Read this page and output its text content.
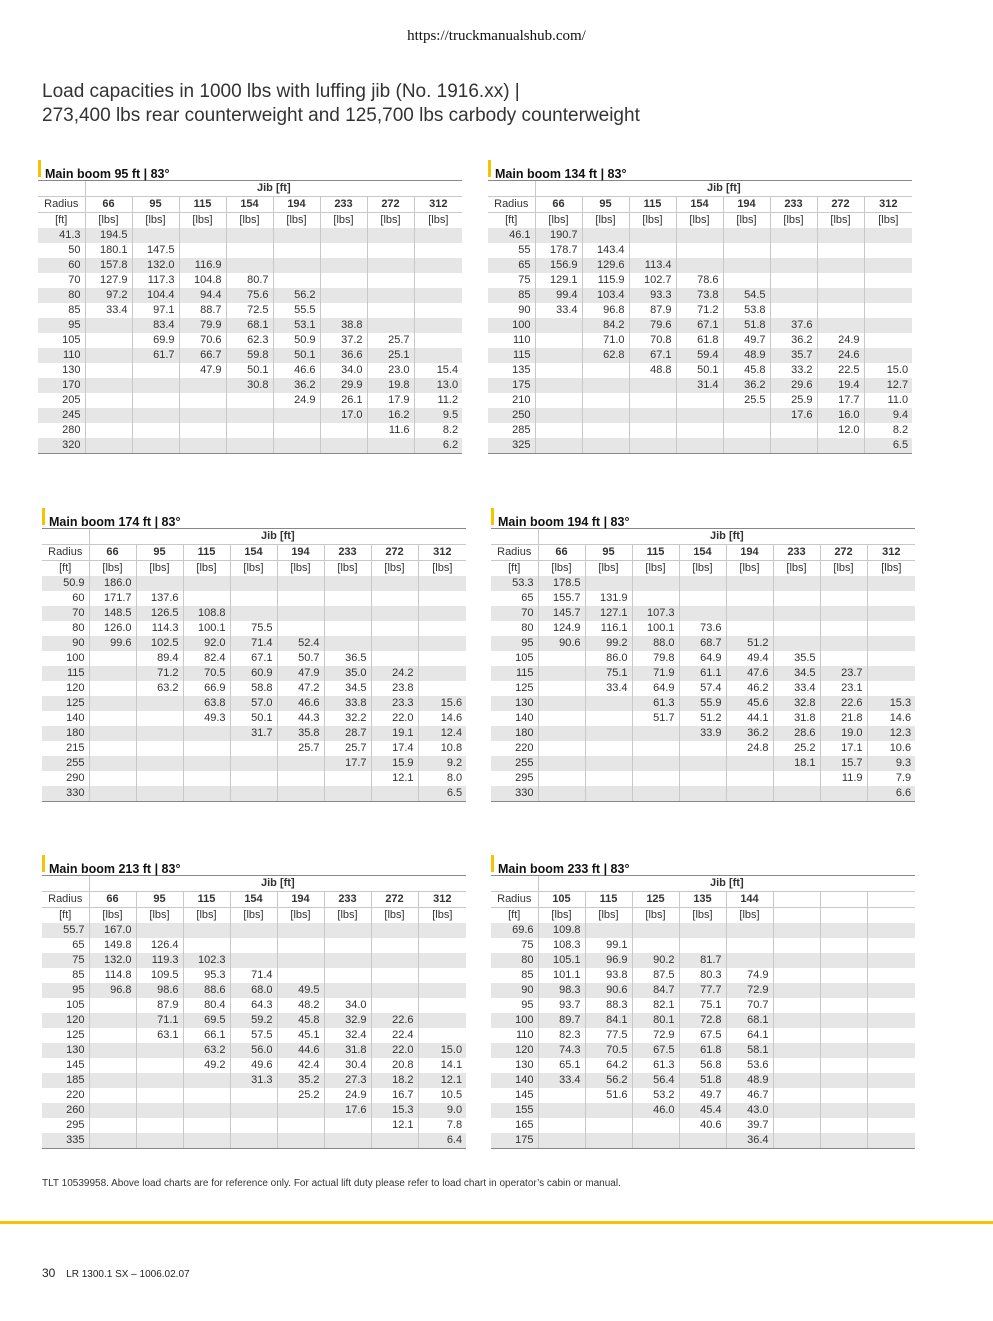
https://truckmanualshub.com/
Load capacities in 1000 lbs with luffing jib (No. 1916.xx) |
273,400 lbs rear counterweight and 125,700 lbs carbody counterweight
Main boom 95 ft | 83°
	Jib [ft]							
Radius	66	95	115	154	194	233	272	312
[ft]	[lbs]	[lbs]	[lbs]	[lbs]	[lbs]	[lbs]	[lbs]	[lbs]
41.3	194.5							
50	180.1	147.5						
60	157.8	132.0	116.9					
70	127.9	117.3	104.8	80.7				
80	97.2	104.4	94.4	75.6	56.2			
85	33.4	97.1	88.7	72.5	55.5			
95		83.4	79.9	68.1	53.1	38.8		
105		69.9	70.6	62.3	50.9	37.2	25.7	
110		61.7	66.7	59.8	50.1	36.6	25.1	
130			47.9	50.1	46.6	34.0	23.0	15.4
170				30.8	36.2	29.9	19.8	13.0
205					24.9	26.1	17.9	11.2
245						17.0	16.2	9.5
280							11.6	8.2
320								6.2
Main boom 134 ft | 83°
	Jib [ft]							
Radius	66	95	115	154	194	233	272	312
[ft]	[lbs]	[lbs]	[lbs]	[lbs]	[lbs]	[lbs]	[lbs]	[lbs]
46.1	190.7							
55	178.7	143.4						
65	156.9	129.6	113.4					
75	129.1	115.9	102.7	78.6				
85	99.4	103.4	93.3	73.8	54.5			
90	33.4	96.8	87.9	71.2	53.8			
100		84.2	79.6	67.1	51.8	37.6		
110		71.0	70.8	61.8	49.7	36.2	24.9	
115		62.8	67.1	59.4	48.9	35.7	24.6	
135			48.8	50.1	45.8	33.2	22.5	15.0
175				31.4	36.2	29.6	19.4	12.7
210					25.5	25.9	17.7	11.0
250						17.6	16.0	9.4
285							12.0	8.2
325								6.5
Main boom 174 ft | 83°
	Jib [ft]							
Radius	66	95	115	154	194	233	272	312
[ft]	[lbs]	[lbs]	[lbs]	[lbs]	[lbs]	[lbs]	[lbs]	[lbs]
50.9	186.0							
60	171.7	137.6						
70	148.5	126.5	108.8					
80	126.0	114.3	100.1	75.5				
90	99.6	102.5	92.0	71.4	52.4			
100		89.4	82.4	67.1	50.7	36.5		
115		71.2	70.5	60.9	47.9	35.0	24.2	
120		63.2	66.9	58.8	47.2	34.5	23.8	
125			63.8	57.0	46.6	33.8	23.3	15.6
140			49.3	50.1	44.3	32.2	22.0	14.6
180				31.7	35.8	28.7	19.1	12.4
215					25.7	25.7	17.4	10.8
255						17.7	15.9	9.2
290							12.1	8.0
330								6.5
Main boom 194 ft | 83°
	Jib [ft]							
Radius	66	95	115	154	194	233	272	312
[ft]	[lbs]	[lbs]	[lbs]	[lbs]	[lbs]	[lbs]	[lbs]	[lbs]
53.3	178.5							
65	155.7	131.9						
70	145.7	127.1	107.3					
80	124.9	116.1	100.1	73.6				
95	90.6	99.2	88.0	68.7	51.2			
105		86.0	79.8	64.9	49.4	35.5		
115		75.1	71.9	61.1	47.6	34.5	23.7	
125		33.4	64.9	57.4	46.2	33.4	23.1	
130			61.3	55.9	45.6	32.8	22.6	15.3
140			51.7	51.2	44.1	31.8	21.8	14.6
180				33.9	36.2	28.6	19.0	12.3
220					24.8	25.2	17.1	10.6
255						18.1	15.7	9.3
295							11.9	7.9
330								6.6
Main boom 213 ft | 83°
	Jib [ft]							
Radius	66	95	115	154	194	233	272	312
[ft]	[lbs]	[lbs]	[lbs]	[lbs]	[lbs]	[lbs]	[lbs]	[lbs]
55.7	167.0							
65	149.8	126.4						
75	132.0	119.3	102.3					
85	114.8	109.5	95.3	71.4				
95	96.8	98.6	88.6	68.0	49.5			
105		87.9	80.4	64.3	48.2	34.0		
120		71.1	69.5	59.2	45.8	32.9	22.6	
125		63.1	66.1	57.5	45.1	32.4	22.4	
130			63.2	56.0	44.6	31.8	22.0	15.0
145			49.2	49.6	42.4	30.4	20.8	14.1
185				31.3	35.2	27.3	18.2	12.1
220					25.2	24.9	16.7	10.5
260						17.6	15.3	9.0
295							12.1	7.8
335								6.4
Main boom 233 ft | 83°
	Jib [ft]							
Radius	105	115	125	135	144			
[ft]	[lbs]	[lbs]	[lbs]	[lbs]	[lbs]			
69.6	109.8							
75	108.3	99.1						
80	105.1	96.9	90.2	81.7				
85	101.1	93.8	87.5	80.3	74.9			
90	98.3	90.6	84.7	77.7	72.9			
95	93.7	88.3	82.1	75.1	70.7			
100	89.7	84.1	80.1	72.8	68.1			
110	82.3	77.5	72.9	67.5	64.1			
120	74.3	70.5	67.5	61.8	58.1			
130	65.1	64.2	61.3	56.8	53.6			
140	33.4	56.2	56.4	51.8	48.9			
145		51.6	53.2	49.7	46.7			
155			46.0	45.4	43.0			
165				40.6	39.7			
175					36.4			
TLT 10539958. Above load charts are for reference only. For actual lift duty please refer to load chart in operator’s cabin or manual.
30 LR 1300.1 SX – 1006.02.07
